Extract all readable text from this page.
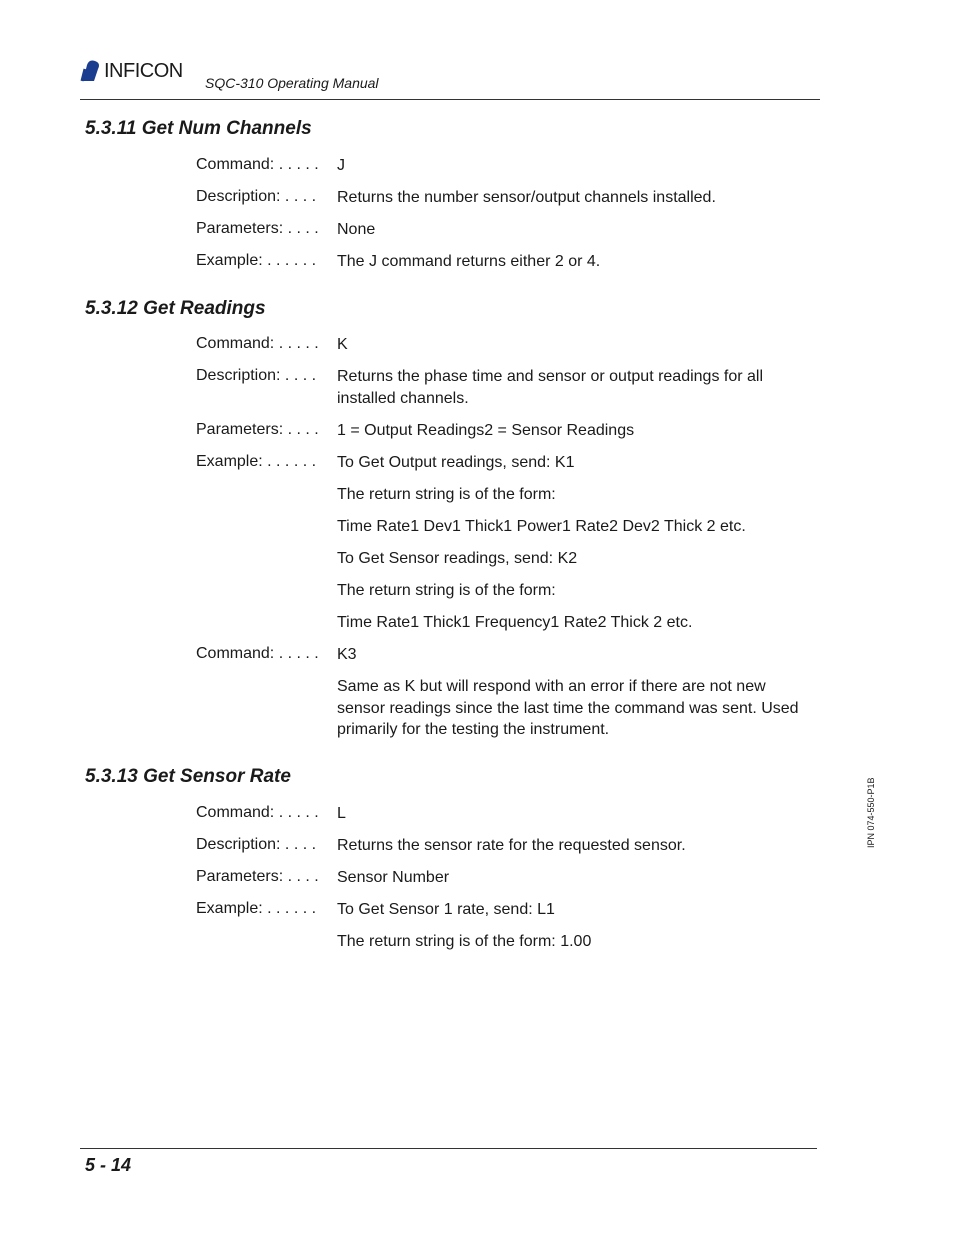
INFICON
SQC-310 Operating Manual
5.3.11 Get Num Channels
Command: . . . . . J
Description: . . . . Returns the number sensor/output channels installed.
Parameters: . . . . None
Example: . . . . . . The J command returns either 2 or 4.
5.3.12 Get Readings
Command: . . . . . K
Description: . . . . Returns the phase time and sensor or output readings for all installed channels.
Parameters: . . . . 1 = Output Readings2 = Sensor Readings
Example: . . . . . . To Get Output readings, send: K1
The return string is of the form:
Time Rate1 Dev1 Thick1 Power1 Rate2 Dev2 Thick 2 etc.
To Get Sensor readings, send: K2
The return string is of the form:
Time Rate1 Thick1 Frequency1 Rate2 Thick 2 etc.
Command: . . . . . K3
Same as K but will respond with an error if there are not new sensor readings since the last time the command was sent. Used primarily for the testing the instrument.
5.3.13 Get Sensor Rate
Command: . . . . . L
Description: . . . . Returns the sensor rate for the requested sensor.
Parameters: . . . . Sensor Number
Example: . . . . . . To Get Sensor 1 rate, send: L1
The return string is of the form: 1.00
IPN 074-550-P1B
5 - 14
